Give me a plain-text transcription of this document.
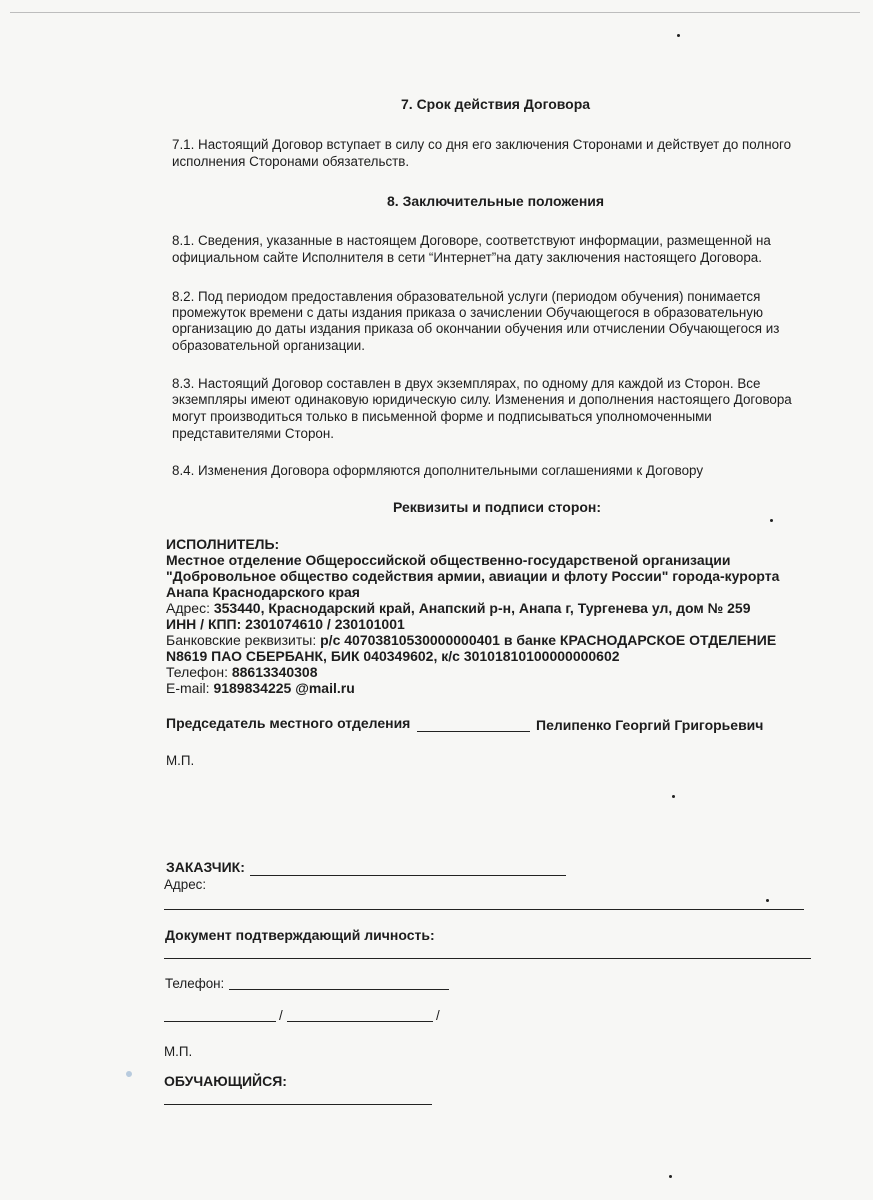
7. Срок действия Договора
7.1. Настоящий Договор вступает в силу со дня его заключения Сторонами и действует до полного
исполнения Сторонами обязательств.
8. Заключительные положения
8.1. Сведения, указанные в настоящем Договоре, соответствуют информации, размещенной на
официальном сайте Исполнителя в сети “Интернет”на дату заключения настоящего Договора.
8.2. Под периодом предоставления образовательной услуги (периодом обучения) понимается
промежуток времени с даты издания приказа о зачислении Обучающегося в образовательную
организацию до даты издания приказа об окончании обучения или отчислении Обучающегося из
образовательной организации.
8.3. Настоящий Договор составлен в двух экземплярах, по одному для каждой из Сторон. Все
экземпляры имеют одинаковую юридическую силу. Изменения и дополнения настоящего Договора
могут производиться только в письменной форме и подписываться уполномоченными
представителями Сторон.
8.4. Изменения Договора оформляются дополнительными соглашениями к Договору
Реквизиты и подписи сторон:
ИСПОЛНИТЕЛЬ:
Местное отделение Общероссийской общественно-государственой организации
"Добровольное общество содействия армии, авиации и флоту России" города-курорта
Анапа Краснодарского края
Адрес: 353440, Краснодарский край, Анапский р-н, Анапа г, Тургенева ул, дом № 259
ИНН / КПП: 2301074610 / 230101001
Банковские реквизиты: р/с 40703810530000000401 в банке КРАСНОДАРСКОЕ ОТДЕЛЕНИЕ
N8619 ПАО СБЕРБАНК, БИК 040349602, к/с 30101810100000000602
Телефон: 88613340308
E-mail: 9189834225 @mail.ru
Председатель местного отделения	Пелипенко Георгий Григорьевич
М.П.
ЗАКАЗЧИК:
Адрес:
Документ подтверждающий личность:
Телефон:
/	/
М.П.
ОБУЧАЮЩИЙСЯ:
